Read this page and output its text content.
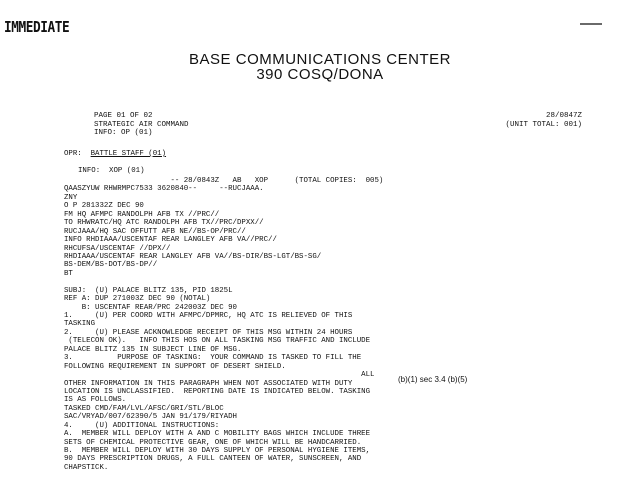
IMMEDIATE
BASE COMMUNICATIONS CENTER
390 COSQ/DONA
PAGE 01 OF 02
STRATEGIC AIR COMMAND
INFO: OP (01)
28/0847Z
(UNIT TOTAL: 001)
OPR: BATTLE STAFF (01)
INFO:  XOP (01)
-- 28/0843Z   AB   XOP      (TOTAL COPIES:  005)
QAASZYUW RHWRMPC7533 3620840--     --RUCJAAA.
ZNY
O P 281332Z DEC 90
FM HQ AFMPC RANDOLPH AFB TX //PRC//
TO RHWRATC/HQ ATC RANDOLPH AFB TX//PRC/DPXX//
RUCJAAA/HQ SAC OFFUTT AFB NE//BS-OP/PRC//
INFO RHDIAAA/USCENTAF REAR LANGLEY AFB VA//PRC//
RHCUFSA/USCENTAF //DPX//
RHDIAAA/USCENTAF REAR LANGLEY AFB VA//BS-DIR/BS-LGT/BS-SG/
BS-DEM/BS-DOT/BS-DP//
BT
SUBJ:  (U) PALACE BLITZ 135, PID 1825L
REF A: DUP 271003Z DEC 90 (NOTAL)
B: USCENTAF REAR/PRC 242003Z DEC 90
1.     (U) PER COORD WITH AFMPC/DPMRC, HQ ATC IS RELIEVED OF THIS
TASKING
2.     (U) PLEASE ACKNOWLEDGE RECEIPT OF THIS MSG WITHIN 24 HOURS
(TELECON OK).   INFO THIS HOS ON ALL TASKING MSG TRAFFIC AND INCLUDE
PALACE BLITZ 135 IN SUBJECT LINE OF MSG.
3.          PURPOSE OF TASKING:  YOUR COMMAND IS TASKED TO FILL THE
FOLLOWING REQUIREMENT IN SUPPORT OF DESERT SHIELD.
ALL
OTHER INFORMATION IN THIS PARAGRAPH WHEN NOT ASSOCIATED WITH DUTY
LOCATION IS UNCLASSIFIED.  REPORTING DATE IS INDICATED BELOW. TASKING
IS AS FOLLOWS.
TASKED CMD/FAM/LVL/AFSC/GRI/STL/BLOC
SAC/VRYAD/007/62390/5 JAN 91/179/RIYADH
4.     (U) ADDITIONAL INSTRUCTIONS:
A.  MEMBER WILL DEPLOY WITH A AND C MOBILITY BAGS WHICH INCLUDE THREE
SETS OF CHEMICAL PROTECTIVE GEAR, ONE OF WHICH WILL BE HANDCARRIED.
B.  MEMBER WILL DEPLOY WITH 30 DAYS SUPPLY OF PERSONAL HYGIENE ITEMS,
90 DAYS PRESCRIPTION DRUGS, A FULL CANTEEN OF WATER, SUNSCREEN, AND
CHAPSTICK.
(b)(1) sec 3.4 (b)(5)
